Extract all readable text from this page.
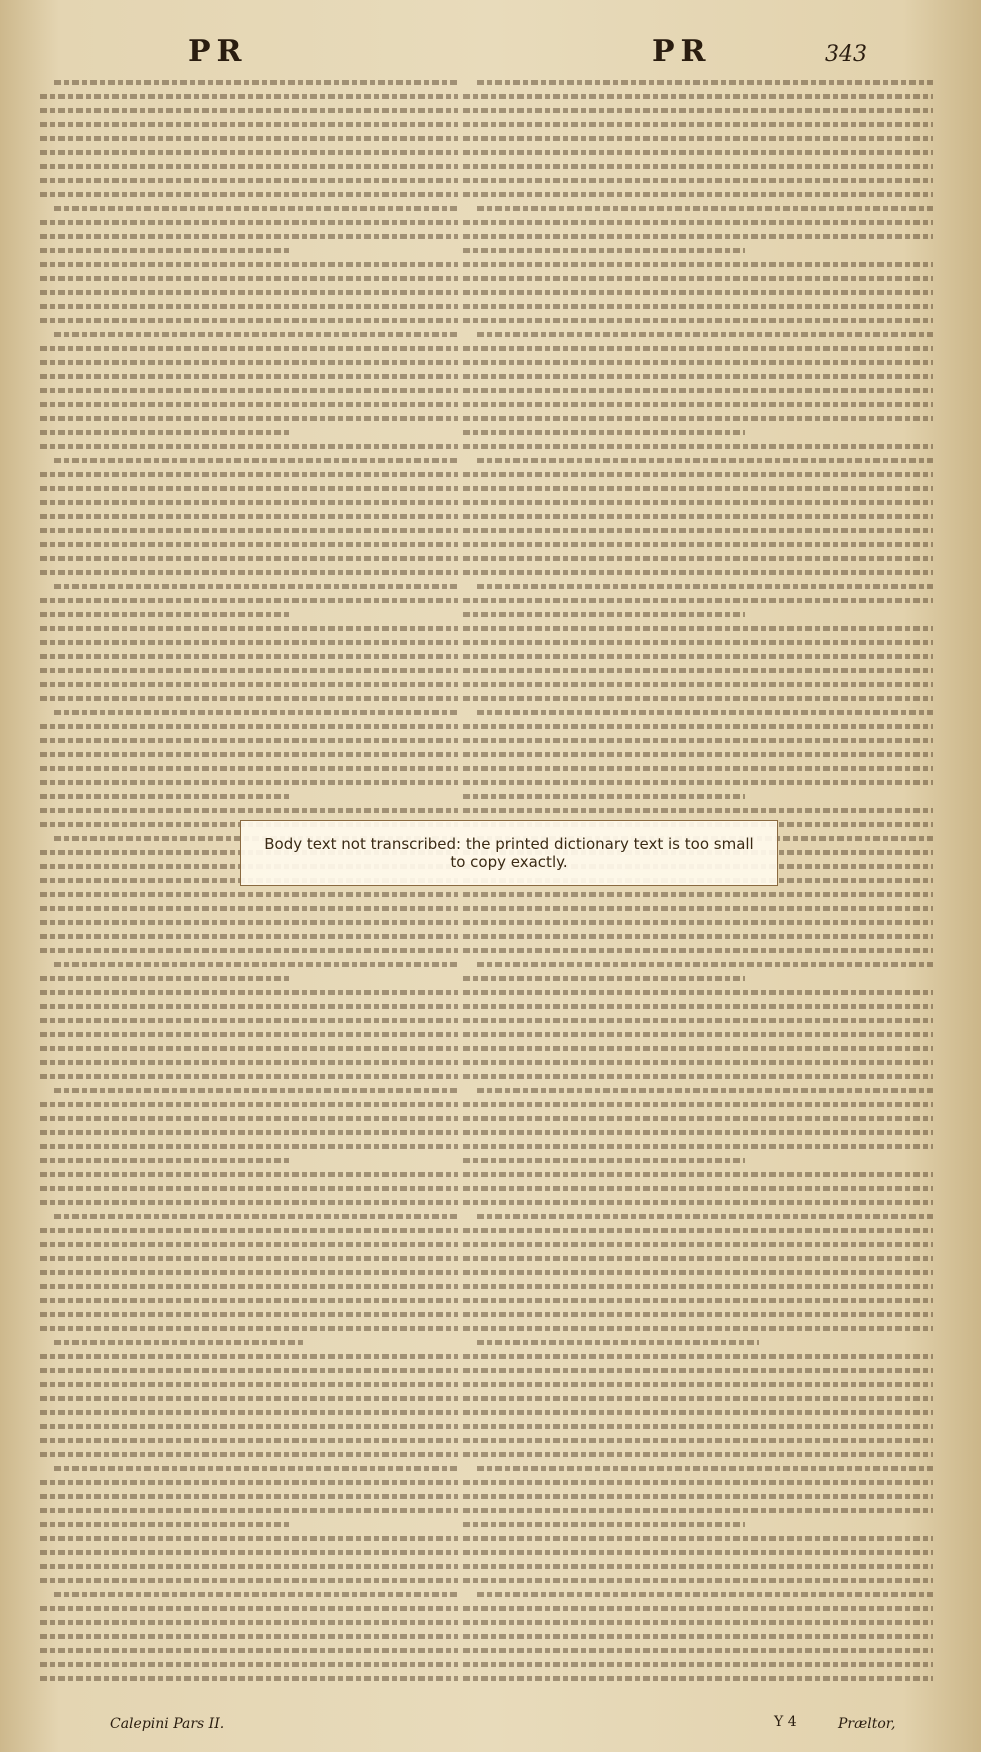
PR	PR	343
Body text not transcribed: the printed dictionary text is too small to copy exactly.
Calepini Pars II.	Y 4	Præltor,
